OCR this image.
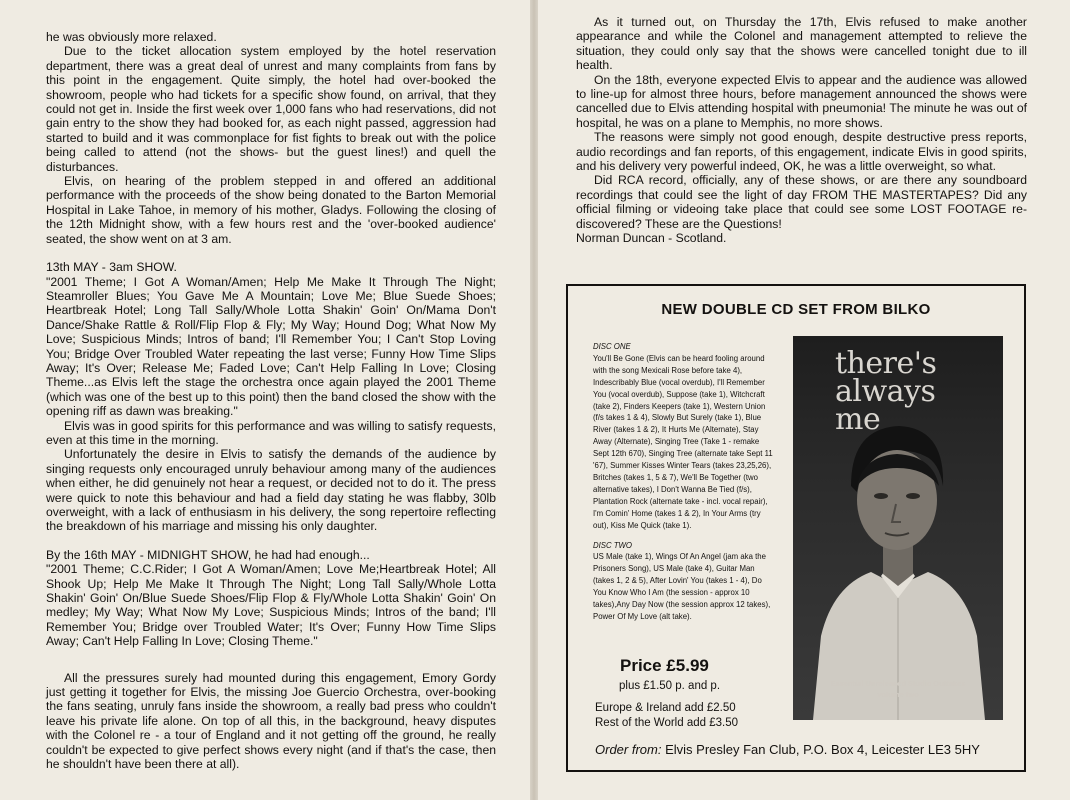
he was obviously more relaxed.

Due to the ticket allocation system employed by the hotel reservation department, there was a great deal of unrest and many complaints from fans by this point in the engagement. Quite simply, the hotel had over-booked the showroom, people who had tickets for a specific show found, on arrival, that they could not get in. Inside the first week over 1,000 fans who had reservations, did not gain entry to the show they had booked for, as each night passed, aggression had started to build and it was commonplace for fist fights to break out with the police being called to attend (not the shows- but the guest lines!) and quell the disturbances.

Elvis, on hearing of the problem stepped in and offered an additional performance with the proceeds of the show being donated to the Barton Memorial Hospital in Lake Tahoe, in memory of his mother, Gladys. Following the closing of the 12th Midnight show, with a few hours rest and the 'over-booked audience' seated, the show went on at 3 am.

13th MAY - 3am SHOW.

"2001 Theme; I Got A Woman/Amen; Help Me Make It Through The Night; Steamroller Blues; You Gave Me A Mountain; Love Me; Blue Suede Shoes; Heartbreak Hotel; Long Tall Sally/Whole Lotta Shakin' Goin' On/Mama Don't Dance/Shake Rattle & Roll/Flip Flop & Fly; My Way; Hound Dog; What Now My Love; Suspicious Minds; Intros of band; I'll Remember You; I Can't Stop Loving You; Bridge Over Troubled Water repeating the last verse; Funny How Time Slips Away; It's Over; Release Me; Faded Love; Can't Help Falling In Love; Closing Theme...as Elvis left the stage the orchestra once again played the 2001 Theme (which was one of the best up to this point) then the band closed the show with the opening riff as dawn was breaking."

Elvis was in good spirits for this performance and was willing to satisfy requests, even at this time in the morning.

Unfortunately the desire in Elvis to satisfy the demands of the audience by singing requests only encouraged unruly behaviour among many of the audiences when either, he did genuinely not hear a request, or decided not to do it. The press were quick to note this behaviour and had a field day stating he was flabby, 30lb overweight, with a lack of enthusiasm in his delivery, the song repertoire reflecting the breakdown of his marriage and missing his only daughter.

By the 16th MAY - MIDNIGHT SHOW, he had had enough...

"2001 Theme; C.C.Rider; I Got A Woman/Amen; Love Me;Heartbreak Hotel; All Shook Up; Help Me Make It Through The Night; Long Tall Sally/Whole Lotta Shakin' Goin' On/Blue Suede Shoes/Flip Flop & Fly/Whole Lotta Shakin' Goin' On medley; My Way; What Now My Love; Suspicious Minds; Intros of the band; I'll Remember You; Bridge over Troubled Water; It's Over; Funny How Time Slips Away; Can't Help Falling In Love; Closing Theme."

All the pressures surely had mounted during this engagement, Emory Gordy just getting it together for Elvis, the missing Joe Guercio Orchestra, over-booking the fans seating, unruly fans inside the showroom, a really bad press who couldn't leave his private life alone. On top of all this, in the background, heavy disputes with the Colonel re - a tour of England and it not getting off the ground, he really couldn't be expected to give perfect shows every night (and if that's the case, then he shouldn't have been there at all).

As it turned out, on Thursday the 17th, Elvis refused to make another appearance and while the Colonel and management attempted to relieve the situation, they could only say that the shows were cancelled tonight due to ill health.

On the 18th, everyone expected Elvis to appear and the audience was allowed to line-up for almost three hours, before management announced the shows were cancelled due to Elvis attending hospital with pneumonia! The minute he was out of hospital, he was on a plane to Memphis, no more shows.

The reasons were simply not good enough, despite destructive press reports, audio recordings and fan reports, of this engagement, indicate Elvis in good spirits, and his delivery very powerful indeed, OK, he was a little overweight, so what.

Did RCA record, officially, any of these shows, or are there any soundboard recordings that could see the light of day FROM THE MASTERTAPES? Did any official filming or videoing take place that could see some LOST FOOTAGE re-discovered? These are the Questions!

Norman Duncan - Scotland.

NEW DOUBLE CD SET FROM BILKO
DISC ONE
You'll Be Gone (Elvis can be heard fooling around with the song Mexicali Rose before take 4), Indescribably Blue (vocal overdub), I'll Remember You (vocal overdub), Suppose (take 1), Witchcraft (take 2), Finders Keepers (take 1), Western Union (f/s takes 1 & 4), Slowly But Surely (take 1), Blue River (takes 1 & 2), It Hurts Me (Alternate), Stay Away (Alternate), Singing Tree (Take 1 - remake Sept 12th 670), Singing Tree (alternate take Sept 11 '67), Summer Kisses Winter Tears (takes 23,25,26), Britches (takes 1, 5 & 7), We'll Be Together (two alternative takes), I Don't Wanna Be Tied (f/s), Plantation Rock (alternate take - incl. vocal repair), I'm Comin' Home (takes 1 & 2), In Your Arms (try out), Kiss Me Quick (take 1).
DISC TWO
US Male (take 1), Wings Of An Angel (jam aka the Prisoners Song), US Male (take 4), Guitar Man (takes 1, 2 & 5), After Lovin' You (takes 1 - 4), Do You Know Who I Am (the session - approx 10 takes),Any Day Now (the session approx 12 takes), Power Of My Love (alt take).
there's
always me
Essential Unreleased Studio Outtakes
volume two
Price £5.99
plus £1.50 p. and p.
Europe & Ireland add £2.50
Rest of the World add £3.50
Order from: Elvis Presley Fan Club, P.O. Box 4, Leicester LE3 5HY
